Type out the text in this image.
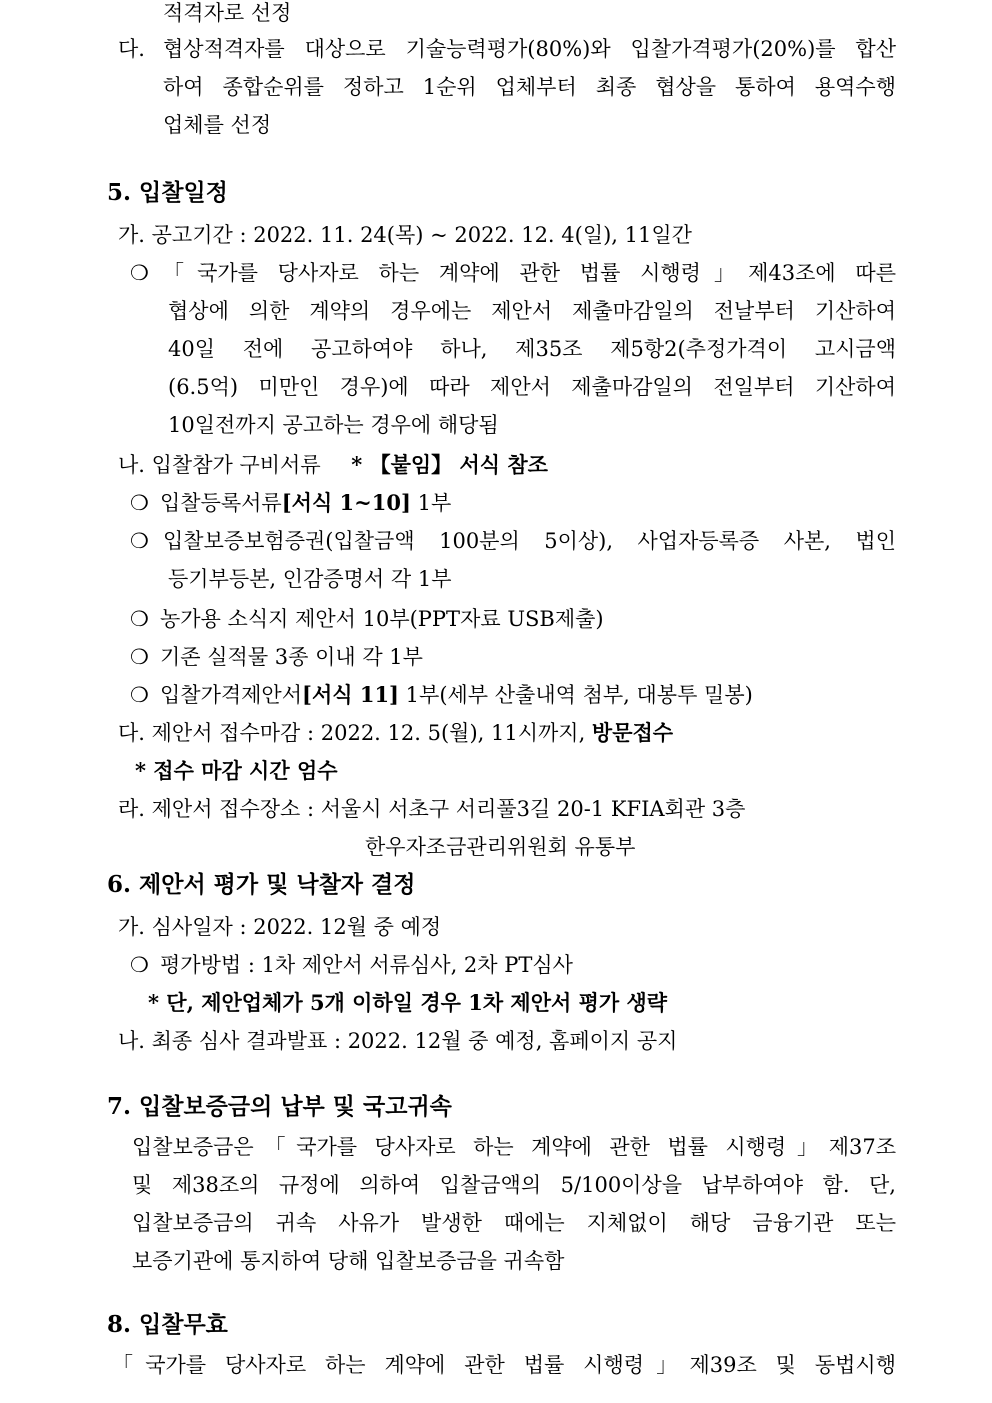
적격자로 선정
다. 협상적격자를 대상으로 기술능력평가(80%)와 입찰가격평가(20%)를 합산
하여 종합순위를 정하고 1순위 업체부터 최종 협상을 통하여 용역수행
업체를 선정
5. 입찰일정
가. 공고기간 : 2022. 11. 24(목) ~ 2022. 12. 4(일), 11일간
❍ 「국가를 당사자로 하는 계약에 관한 법률 시행령」제43조에 따른
협상에 의한 계약의 경우에는 제안서 제출마감일의 전날부터 기산하여
40일 전에 공고하여야 하나, 제35조 제5항2(추정가격이 고시금액
(6.5억) 미만인 경우)에 따라 제안서 제출마감일의 전일부터 기산하여
10일전까지 공고하는 경우에 해당됨
나. 입찰참가 구비서류 * 【붙임】 서식 참조
❍ 입찰등록서류[서식 1~10] 1부
❍ 입찰보증보험증권(입찰금액 100분의 5이상), 사업자등록증 사본, 법인
등기부등본, 인감증명서 각 1부
❍ 농가용 소식지 제안서 10부(PPT자료 USB제출)
❍ 기존 실적물 3종 이내 각 1부
❍ 입찰가격제안서[서식 11] 1부(세부 산출내역 첨부, 대봉투 밀봉)
다. 제안서 접수마감 : 2022. 12. 5(월), 11시까지, 방문접수
* 접수 마감 시간 엄수
라. 제안서 접수장소 : 서울시 서초구 서리풀3길 20-1 KFIA회관 3층
한우자조금관리위원회 유통부
6. 제안서 평가 및 낙찰자 결정
가. 심사일자 : 2022. 12월 중 예정
❍ 평가방법 : 1차 제안서 서류심사, 2차 PT심사
* 단, 제안업체가 5개 이하일 경우 1차 제안서 평가 생략
나. 최종 심사 결과발표 : 2022. 12월 중 예정, 홈페이지 공지
7. 입찰보증금의 납부 및 국고귀속
입찰보증금은「국가를 당사자로 하는 계약에 관한 법률 시행령」제37조
및 제38조의 규정에 의하여 입찰금액의 5/100이상을 납부하여야 함. 단,
입찰보증금의 귀속 사유가 발생한 때에는 지체없이 해당 금융기관 또는
보증기관에 통지하여 당해 입찰보증금을 귀속함
8. 입찰무효
「국가를 당사자로 하는 계약에 관한 법률 시행령」제39조 및 동법시행
